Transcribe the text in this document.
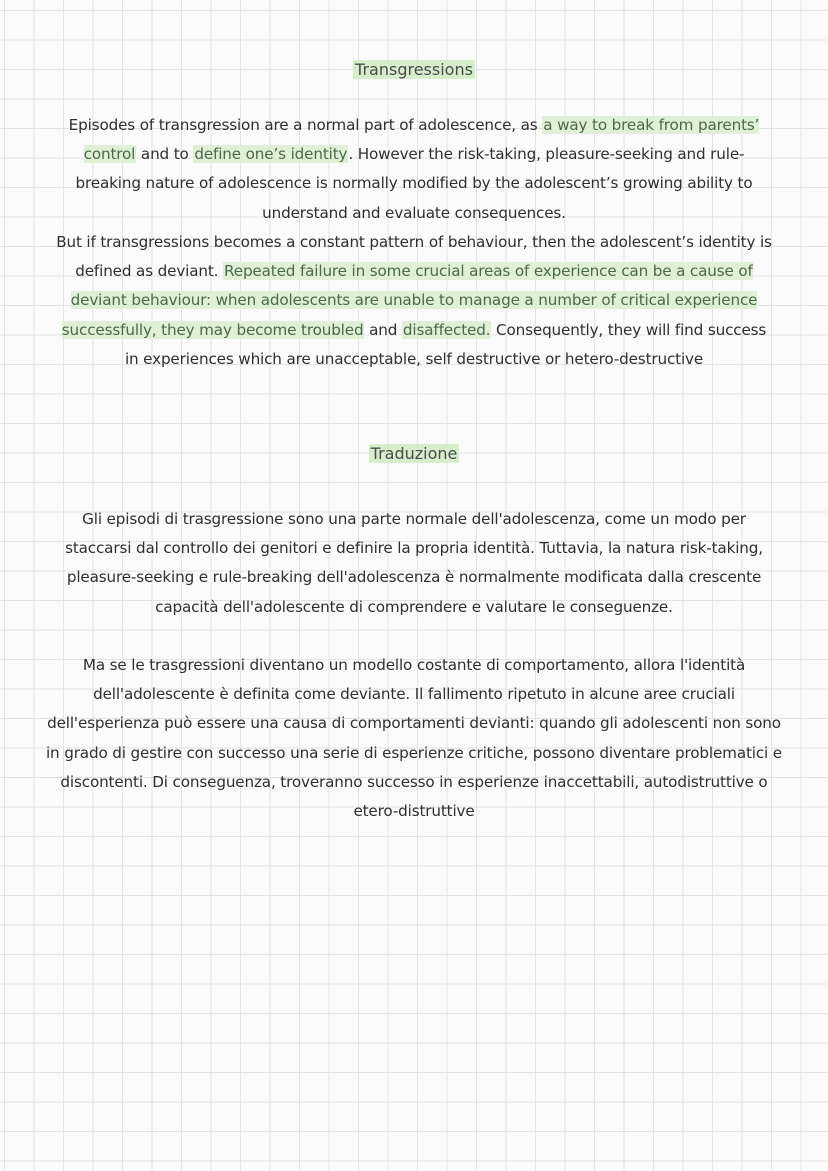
Transgressions

Episodes of transgression are a normal part of adolescence, as a way to break from parents’ control and to define one’s identity. However the risk-taking, pleasure-seeking and rule-breaking nature of adolescence is normally modified by the adolescent’s growing ability to understand and evaluate consequences.

But if transgressions becomes a constant pattern of behaviour, then the adolescent’s identity is defined as deviant. Repeated failure in some crucial areas of experience can be a cause of deviant behaviour: when adolescents are unable to manage a number of critical experience successfully, they may become troubled and disaffected. Consequently, they will find success in experiences which are unacceptable, self destructive or hetero-destructive

Traduzione

Gli episodi di trasgressione sono una parte normale dell'adolescenza, come un modo per staccarsi dal controllo dei genitori e definire la propria identità. Tuttavia, la natura risk-taking, pleasure-seeking e rule-breaking dell'adolescenza è normalmente modificata dalla crescente capacità dell'adolescente di comprendere e valutare le conseguenze.

Ma se le trasgressioni diventano un modello costante di comportamento, allora l'identità dell'adolescente è definita come deviante. Il fallimento ripetuto in alcune aree cruciali dell'esperienza può essere una causa di comportamenti devianti: quando gli adolescenti non sono in grado di gestire con successo una serie di esperienze critiche, possono diventare problematici e discontenti. Di conseguenza, troveranno successo in esperienze inaccettabili, autodistruttive o etero-distruttive
